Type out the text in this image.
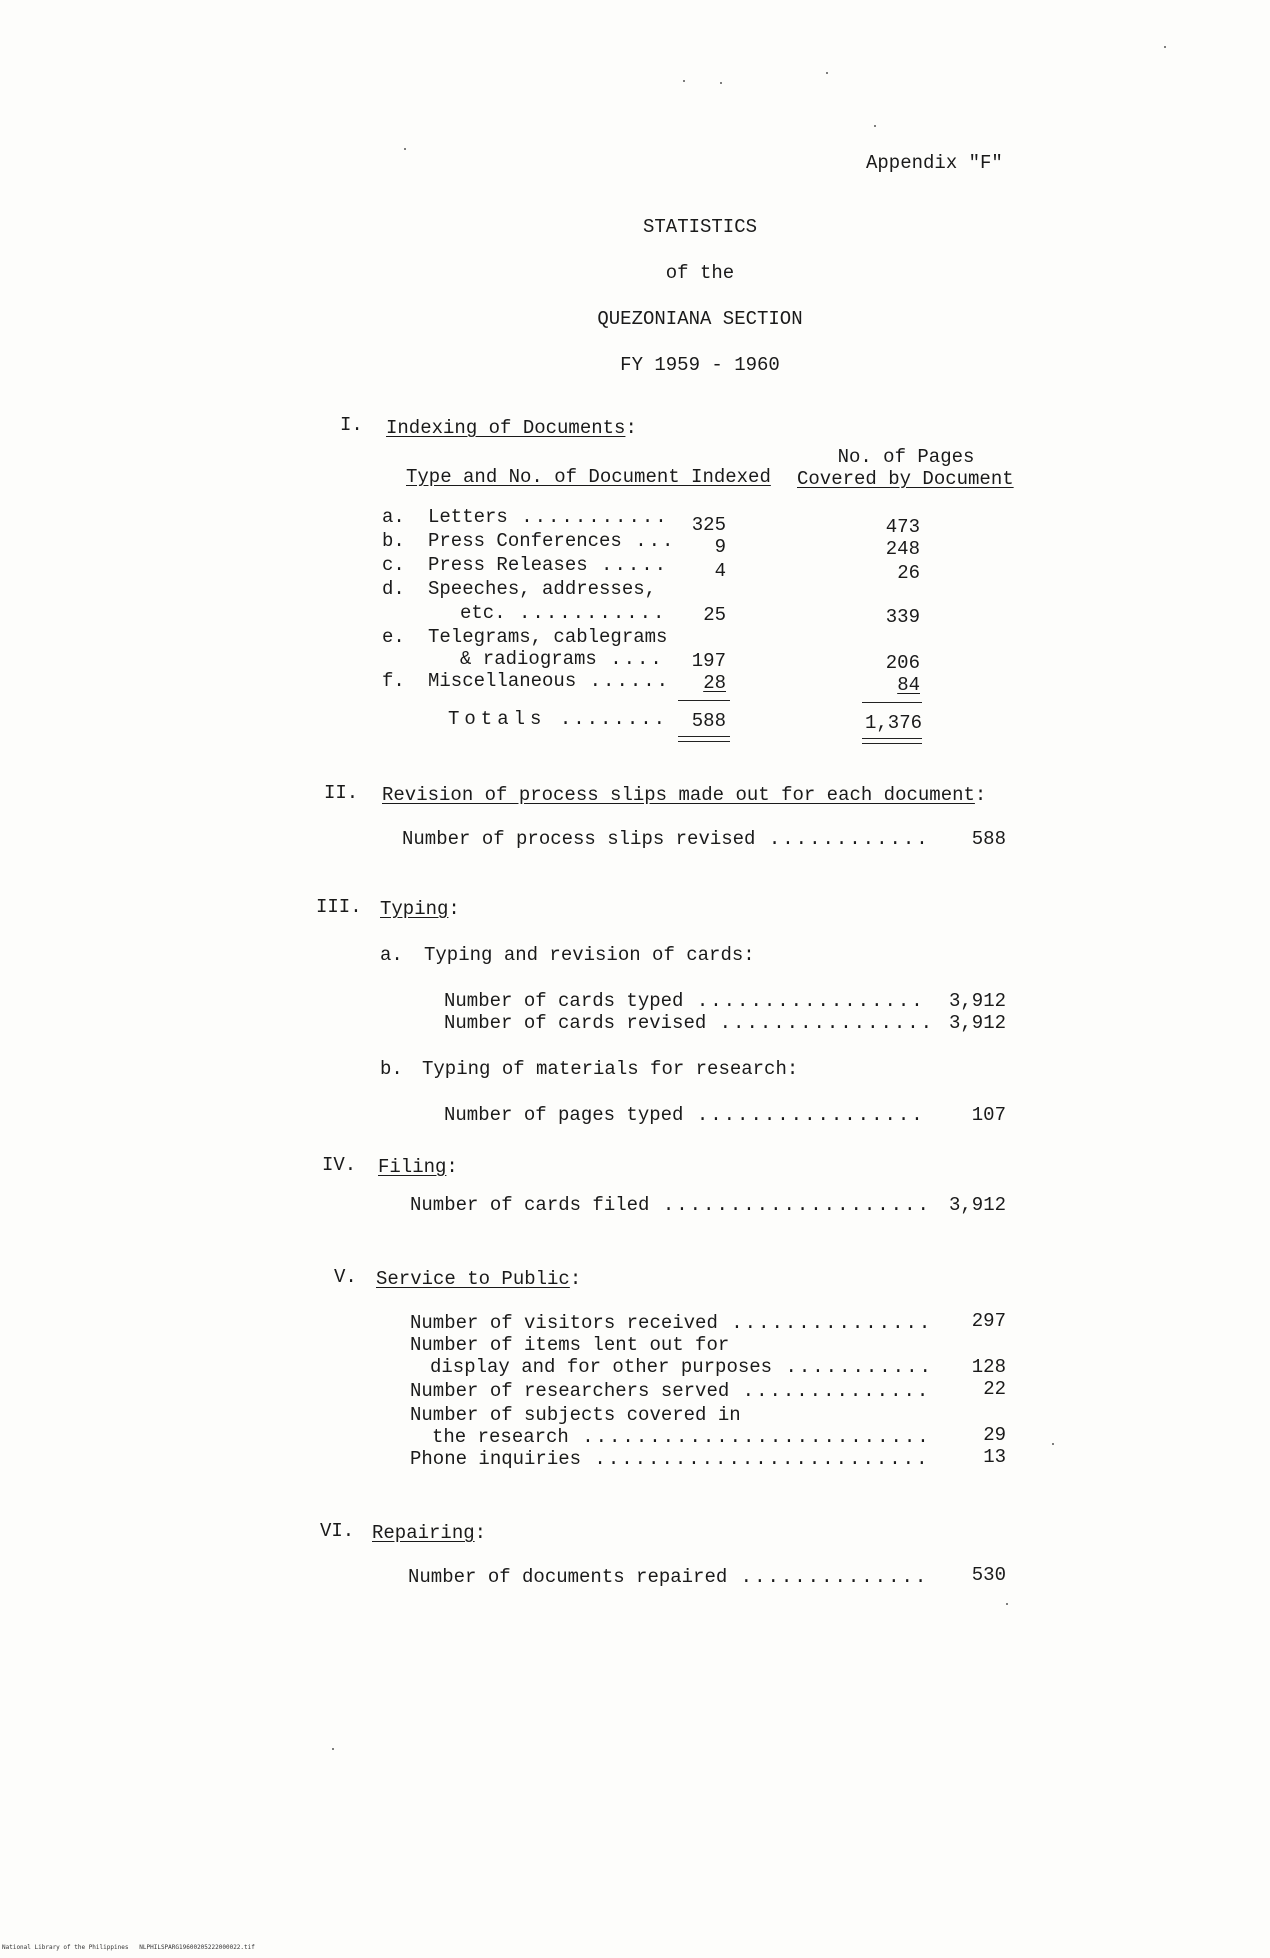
Appendix "F"
STATISTICS
of the
QUEZONIANA SECTION
FY 1959 - 1960
I. Indexing of Documents:
No. of Pages
Type and No. of Document Indexed Covered by Document
a. Letters .....	325	473
b. Press Conferences .....	9	248
c. Press Releases .....	4	26
d. Speeches, addresses,
etc. .....	25	339
e. Telegrams, cablegrams
& radiograms .....	197	206
f. Miscellaneous .....	28	84
Totals .....	588	1,376
II. Revision of process slips made out for each document:
Number of process slips revised .....	588
III. Typing:
a. Typing and revision of cards:
Number of cards typed .....	3,912
Number of cards revised .....	3,912
b. Typing of materials for research:
Number of pages typed .....	107
IV. Filing:
Number of cards filed .....	3,912
V. Service to Public:
Number of visitors received .....	297
Number of items lent out for
display and for other purposes .....	128
Number of researchers served .....	22
Number of subjects covered in
the research .....	29
Phone inquiries .....	13
VI. Repairing:
Number of documents repaired .....	530
National Library of the Philippines   NLPHILSPARG19600205222000022.tif
